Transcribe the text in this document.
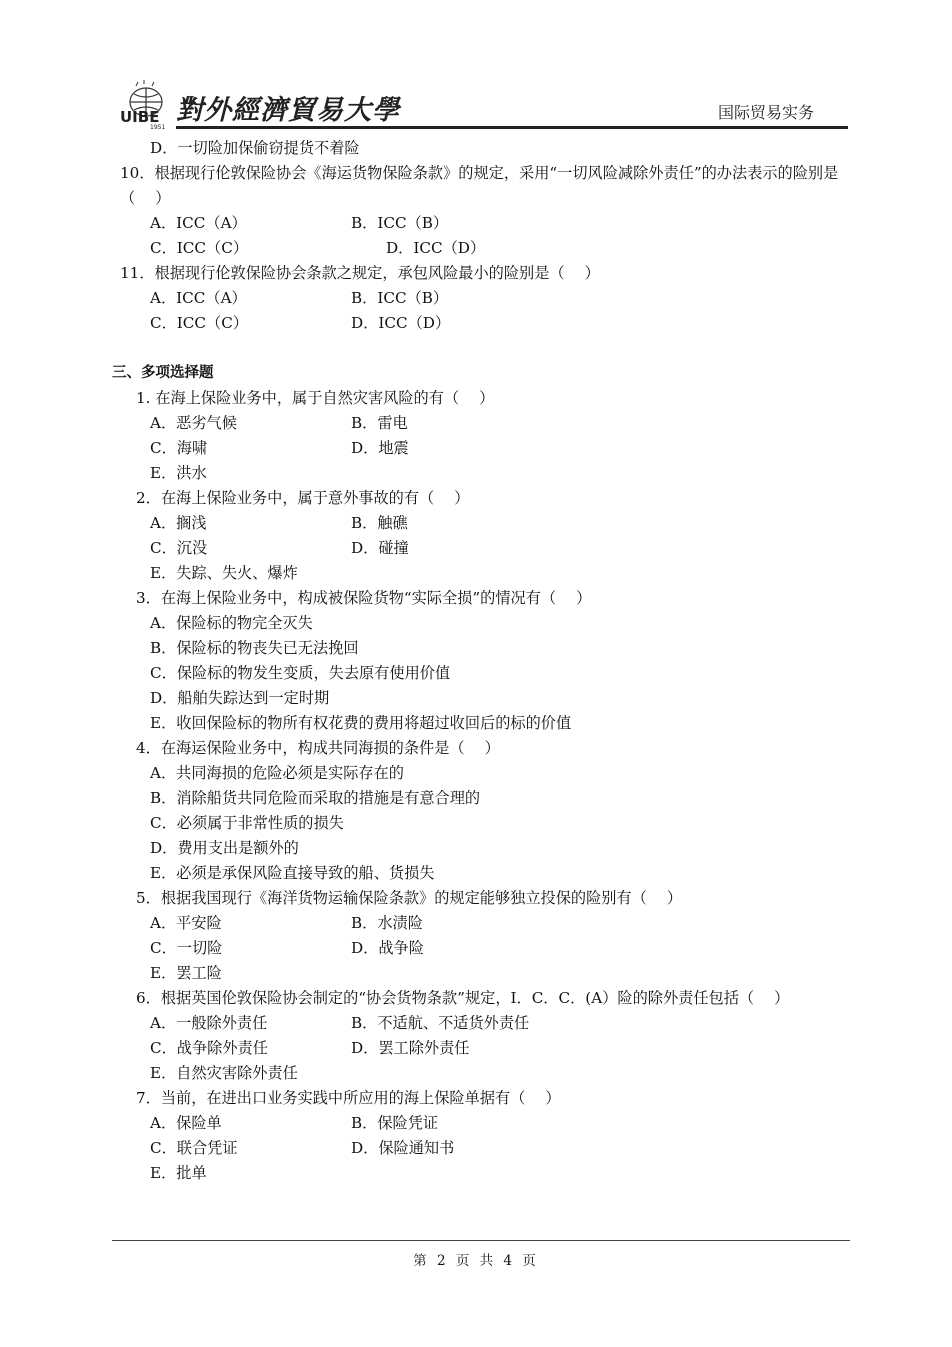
UIBE
1951
對外經濟貿易大學	国际贸易实务
D．一切险加保偷窃提货不着险
10．根据现行伦敦保险协会《海运货物保险条款》的规定，采用“一切风险减除外责任”的办法表示的险别是（　 ）
A．ICC（A）	B．ICC（B）
C．ICC（C）	D．ICC（D）
11．根据现行伦敦保险协会条款之规定，承包风险最小的险别是（　 ）
A．ICC（A）	B．ICC（B）
C．ICC（C）	D．ICC（D）
三、多项选择题
1. 在海上保险业务中，属于自然灾害风险的有（　 ）
A．恶劣气候	B．雷电
C．海啸	D．地震
E．洪水
2．在海上保险业务中，属于意外事故的有（　 ）
A．搁浅	B．触礁
C．沉没	D．碰撞
E．失踪、失火、爆炸
3．在海上保险业务中，构成被保险货物“实际全损”的情况有（　 ）
A．保险标的物完全灭失
B．保险标的物丧失已无法挽回
C．保险标的物发生变质，失去原有使用价值
D．船舶失踪达到一定时期
E．收回保险标的物所有权花费的费用将超过收回后的标的价值
4．在海运保险业务中，构成共同海损的条件是（　 ）
A．共同海损的危险必须是实际存在的
B．消除船货共同危险而采取的措施是有意合理的
C．必须属于非常性质的损失
D．费用支出是额外的
E．必须是承保风险直接导致的船、货损失
5．根据我国现行《海洋货物运输保险条款》的规定能够独立投保的险别有（　 ）
A．平安险	B．水渍险
C．一切险	D．战争险
E．罢工险
6．根据英国伦敦保险协会制定的“协会货物条款”规定，I．C．C．(A）险的除外责任包括（　 ）
A．一般除外责任	B．不适航、不适货外责任
C．战争除外责任	D．罢工除外责任
E．自然灾害除外责任
7．当前，在进出口业务实践中所应用的海上保险单据有（　 ）
A．保险单	B．保险凭证
C．联合凭证	D．保险通知书
E．批单
第 2 页 共 4 页
